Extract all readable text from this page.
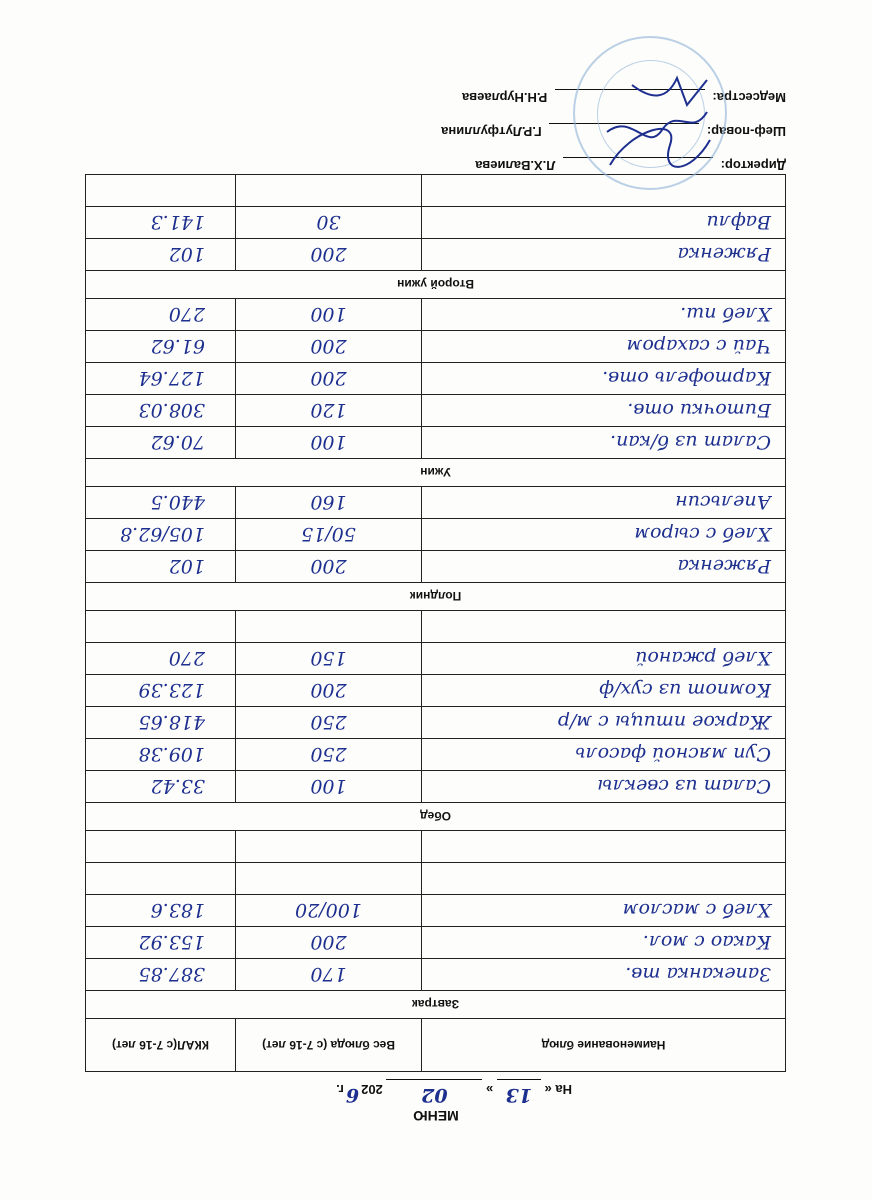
МЕНЮ
На « 13 » 02 2026г.
Наименование блюд	Вес блюда (с 7-16 лет)	ККАЛ(с 7-16 лет)
Завтрак		
Запеканка тв.	170	387.85
Какао с мол.	200	153.92
Хлеб с маслом	100/20	183.6

Обед		
Салат из свеклы	100	33.42
Суп мясной фасоль	250	109.38
Жаркое птицы с м/р	250	418.65
Компот из сух/ф	200	123.39
Хлеб ржаной	150	270

Полдник		
Ряженка	200	102
Хлеб с сыром	50/15	105/62.8
Апельсин	160	440.5
Ужин		
Салат из б/кап.	100	70.62
Биточки отв.	120	308.03
Картофель отв.	200	127.64
Чай с сахаром	200	61.62
Хлеб пш.	100	270
Второй ужин		
Ряженка	200	102
Вафли	30	141.3

Директор:  Л.Х.Валиева
Шеф-повар:  Г.Р.Лутфуллина
Медсестра:  Р.Н.Нурлаева
